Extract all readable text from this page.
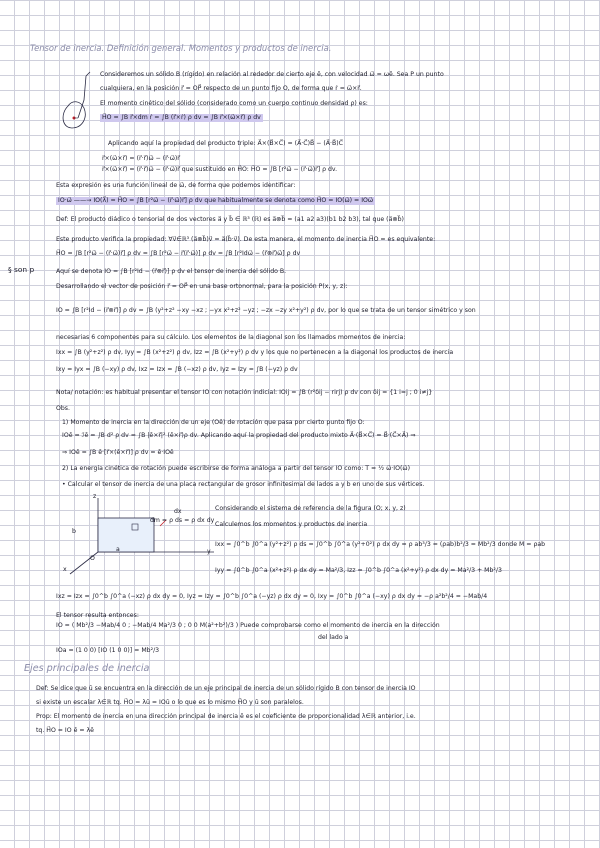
Tensor de inercia. Definición general. Momentos y productos de inercia.
Consideremos un sólido B (rígido) en relación al rededor de cierto eje ē, con velocidad ω⃗ = ωē. Sea P un punto
cualquiera, en la posición r⃗ = OP⃗ respecto de un punto fijo O, de forma que ṙ = ω⃗×r⃗.
El momento cinético del sólido (considerado como un cuerpo continuo densidad ρ) es:
H⃗O = ∫B r⃗×dm ṙ = ∫B (r⃗×ṙ) ρ dv = ∫B r⃗×(ω⃗×r⃗) ρ dv
Aplicando aquí la propiedad del producto triple: A⃗×(B⃗×C⃗) = (A⃗·C⃗)B⃗ − (A⃗·B⃗)C⃗
r⃗×(ω⃗×r⃗) = (r⃗·r⃗)ω⃗ − (r⃗·ω⃗)r⃗
r⃗×(ω⃗×r⃗) = (r⃗·r⃗)ω⃗ − (r⃗·ω⃗)r⃗ que sustituido en H⃗O: H⃗O = ∫B [r²ω⃗ − (r⃗·ω⃗)r⃗] ρ dv.
Esta expresión es una función lineal de ω⃗, de forma que podemos identificar:
IO·ω⃗ ——→ IO(λ⃗) = H⃗O = ∫B [r²ω⃗ − (r⃗·ω⃗)r⃗] ρ dv que habitualmente se denota como H⃗O = IO(ω⃗) = IOω⃗
Def: El producto diádico o tensorial de dos vectores a⃗ y b⃗ ∈ ℝ³ (ℝ) es a⃗⊗b⃗ = (a1 a2 a3)(b1 b2 b3), tal que (a⃗⊗b⃗)
Este producto verifica la propiedad: ∀v⃗∈ℝ³ (a⃗⊗b⃗)v⃗ = a⃗(b⃗·v⃗). De esta manera, el momento de inercia H⃗O = es equivalente:
H⃗O = ∫B [r²ω⃗ − (r⃗·ω⃗)r⃗] ρ dv = ∫B [r²ω⃗ − r⃗(r⃗·ω⃗)] ρ dv = ∫B [r²Idω⃗ − (r⃗⊗r⃗)ω⃗] ρ dv
§ son p	Aquí se denota IO = ∫B [r²Id − (r⃗⊗r⃗)] ρ dv el tensor de inercia del sólido B.
Desarrollando el vector de posición r⃗ = OP⃗ en una base ortonormal, para la posición P(x, y, z):
IO = ∫B [r²Id − (r⃗⊗r⃗)] ρ dv = ∫B (y²+z² −xy −xz ; −yx x²+z² −yz ; −zx −zy x²+y²) ρ dv, por lo que se trata de un tensor simétrico y son
necesarias 6 componentes para su cálculo. Los elementos de la diagonal son los llamados momentos de inercia:
Ixx = ∫B (y²+z²) ρ dv, Iyy = ∫B (x²+z²) ρ dv, Izz = ∫B (x²+y²) ρ dv y los que no pertenecen a la diagonal los productos de inercia
Ixy = Iyx = ∫B (−xy) ρ dv, Ixz = Izx = ∫B (−xz) ρ dv, Iyz = Izy = ∫B (−yz) ρ dv
Nota/ notación: es habitual presentar el tensor IO con notación indicial: IOij = ∫B (r²δij − rirj) ρ dv con δij = {1 i=j ; 0 i≠j}
Obs.
1) Momento de inercia en la dirección de un eje (Oē) de rotación que pasa por cierto punto fijo O:
IOē = ℐē = ∫B d² ρ dv = ∫B |ē×r⃗|² (ē×r⃗)ρ dv. Aplicando aquí la propiedad del producto mixto A⃗·(B⃗×C⃗) = B⃗·(C⃗×A⃗) ⇒
⇒ IOē = ∫B ē·[r⃗×(ē×r⃗)] ρ dv = ē·IOē
2) La energía cinética de rotación puede escribirse de forma análoga a partir del tensor IO como: T = ½ ω⃗·IO(ω⃗)
• Calcular el tensor de inercia de una placa rectangular de grosor infinitesimal de lados a y b en uno de sus vértices.
z
y
x
b
a
dm = ρ ds = ρ dx dy
dx
O
Considerando el sistema de referencia de la figura (O; x, y, z)
Calculemos los momentos y productos de inercia
Ixx = ∫0^b ∫0^a (y²+z²) ρ ds = ∫0^b ∫0^a (y²+0²) ρ dx dy = ρ ab³/3 = (ρab)b²/3 = Mb²/3 donde M = ρab
Iyy = ∫0^b ∫0^a (x²+z²) ρ dx dy = Ma²/3, Izz = ∫0^b ∫0^a (x²+y²) ρ dx dy = Ma²/3 + Mb²/3
Ixz = Izx = ∫0^b ∫0^a (−xz) ρ dx dy = 0, Iyz = Izy = ∫0^b ∫0^a (−yz) ρ dx dy = 0, Ixy = ∫0^b ∫0^a (−xy) ρ dx dy = −ρ a²b²/4 = −Mab/4
El tensor resulta entonces:
IO = ( Mb²/3 −Mab/4 0 ; −Mab/4 Ma²/3 0 ; 0 0 M(a²+b²)/3 ) Puede comprobarse como el momento de inercia en la dirección
del lado a
IOa = (1 0 0) [IO (1 0 0)] = Mb²/3
Ejes principales de inercia
Def: Se dice que ū se encuentra en la dirección de un eje principal de inercia de un sólido rígido B con tensor de inercia IO
si existe un escalar λ∈ℝ tq. H⃗O = λū = IOū o lo que es lo mismo H⃗O y ū son paralelos.
Prop: El momento de inercia en una dirección principal de inercia ē es el coeficiente de proporcionalidad λ∈ℝ anterior, i.e.
tq. H⃗O = IO ē = λē
